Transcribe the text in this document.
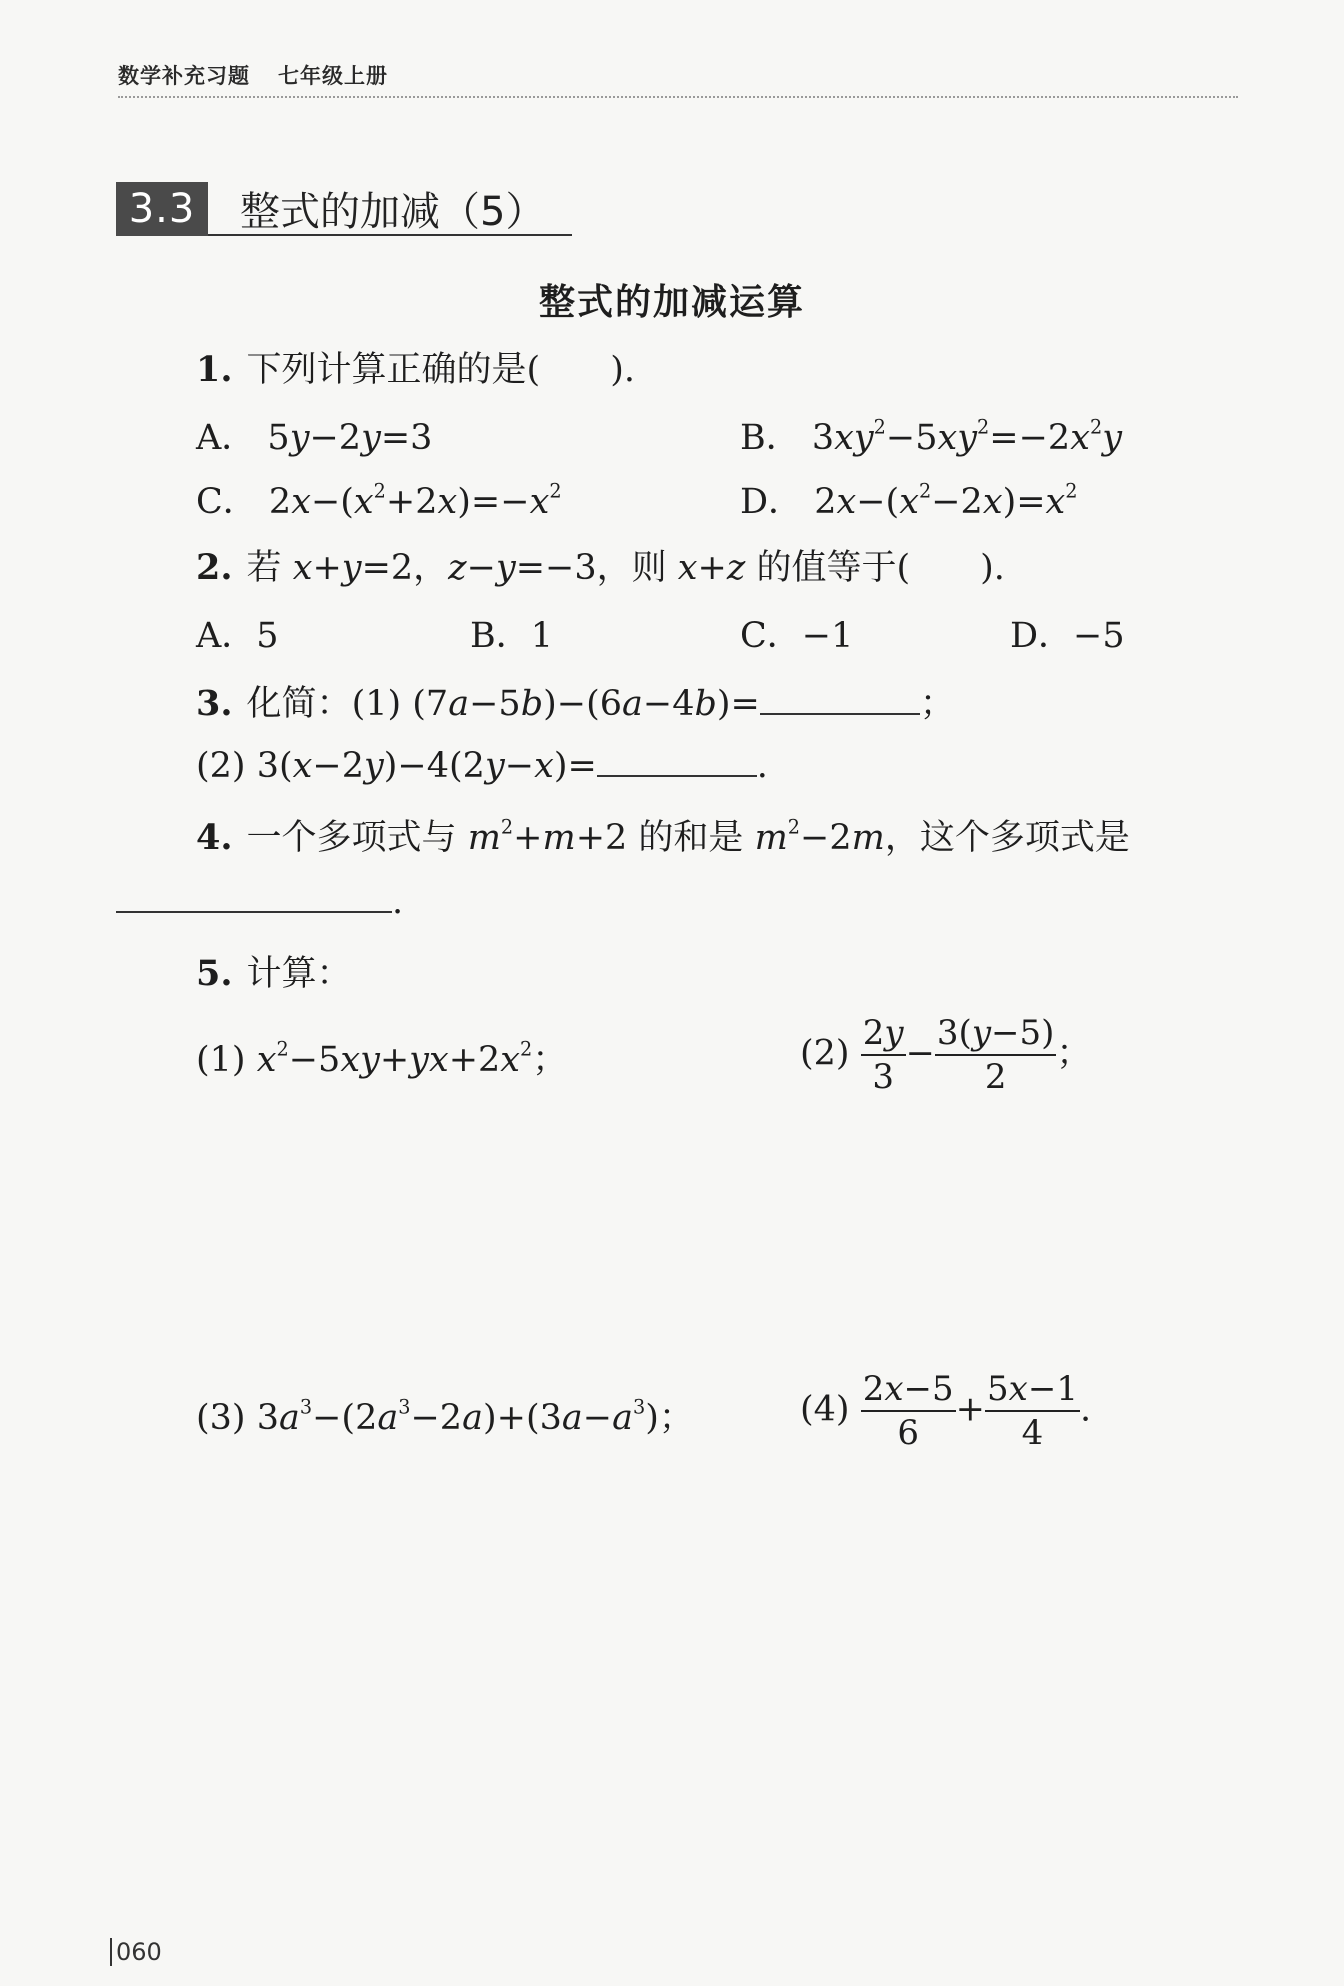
数学补充习题 七年级上册
3.3	整式的加减（5）
整式的加减运算
1. 下列计算正确的是(　　).
A． 5y−2y=3	B． $3xy^2-5xy^2=-2x^2y$
C． $2x-(x^2+2x)=-x^2$	D． $2x-(x^2-2x)=x^2$
2. 若 x+y=2，z−y=−3，则 x+z 的值等于(　　).
A．5	B．1	C．−1	D．−5
3. 化简：(1) (7a−5b)−(6a−4b)=	；
(2) 3(x−2y)−4(2y−x)=	.
4. 一个多项式与 $m^2+m+2$ 的和是 $m^2-2m$，这个多项式是
.
5. 计算：
(1) $x^2-5xy+yx+2x^2$；	$(2) \frac{2y}{3} - \frac{3(y-5)}{2}$ ；
(3) $3a^3-(2a^3-2a)+(3a-a^3)$；	$(4) \frac{2x-5}{6} + \frac{5x-1}{4}$ .
060
